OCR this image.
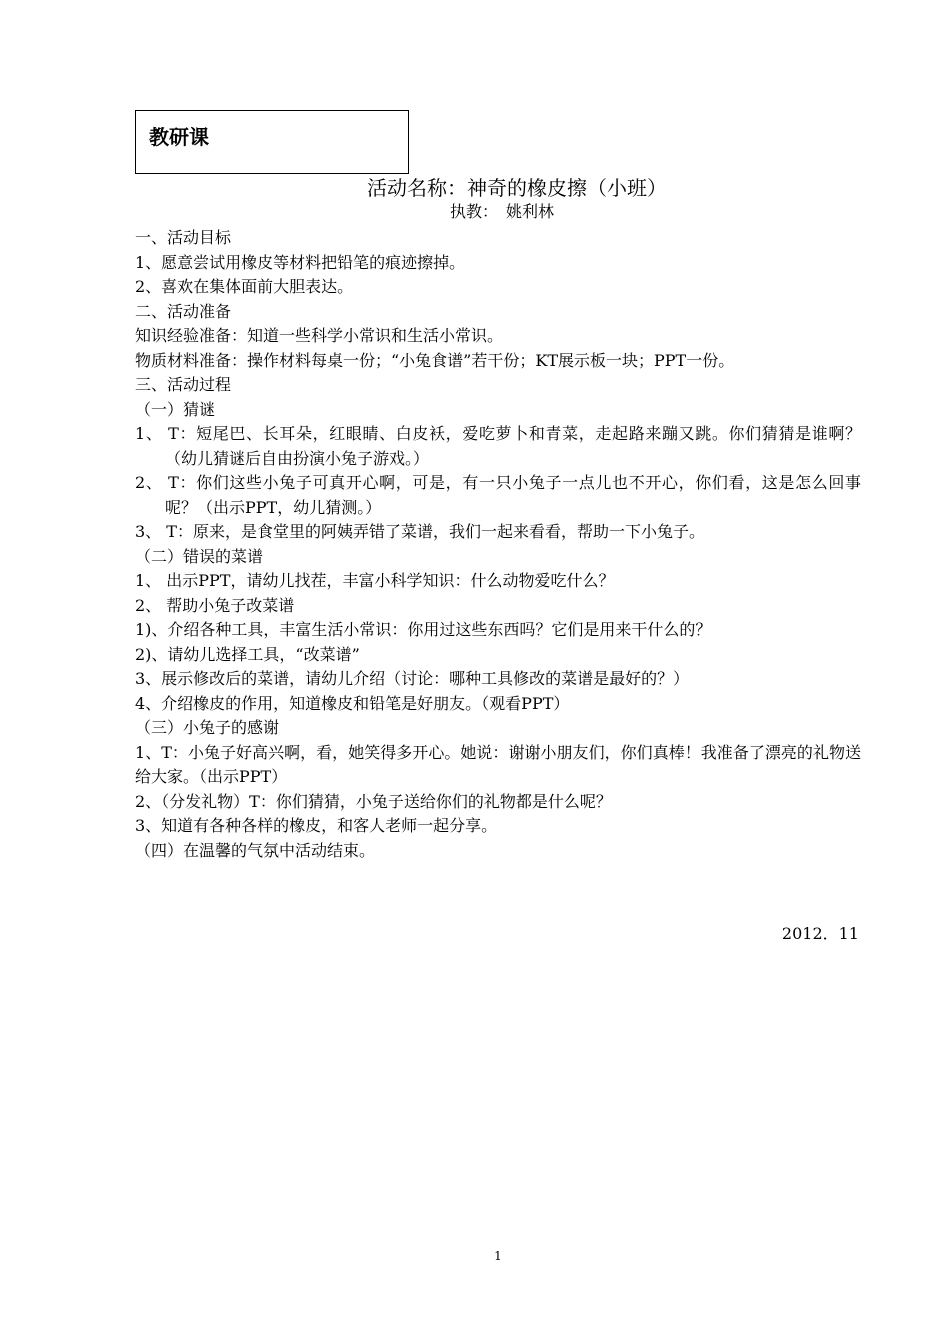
教研课
活动名称：神奇的橡皮擦（小班）
执教：　姚利林
一、活动目标
1、愿意尝试用橡皮等材料把铅笔的痕迹擦掉。
2、喜欢在集体面前大胆表达。
二、活动准备
知识经验准备：知道一些科学小常识和生活小常识。
物质材料准备：操作材料每桌一份；“小兔食谱”若干份；KT展示板一块；PPT一份。
三、活动过程
（一）猜谜
1、 T：短尾巴、长耳朵，红眼睛、白皮袄，爱吃萝卜和青菜，走起路来蹦又跳。你们猜猜是谁啊？（幼儿猜谜后自由扮演小兔子游戏。）
2、 T：你们这些小兔子可真开心啊，可是，有一只小兔子一点儿也不开心，你们看，这是怎么回事呢？（出示PPT，幼儿猜测。）
3、 T：原来，是食堂里的阿姨弄错了菜谱，我们一起来看看，帮助一下小兔子。
（二）错误的菜谱
1、 出示PPT，请幼儿找茬，丰富小科学知识：什么动物爱吃什么？
2、 帮助小兔子改菜谱
1)、介绍各种工具，丰富生活小常识：你用过这些东西吗？它们是用来干什么的？
2)、请幼儿选择工具，“改菜谱”
3、展示修改后的菜谱，请幼儿介绍（讨论：哪种工具修改的菜谱是最好的？）
4、介绍橡皮的作用，知道橡皮和铅笔是好朋友。（观看PPT）
（三）小兔子的感谢
1、T：小兔子好高兴啊，看，她笑得多开心。她说：谢谢小朋友们，你们真棒！我准备了漂亮的礼物送给大家。（出示PPT）
2、（分发礼物）T：你们猜猜，小兔子送给你们的礼物都是什么呢？
3、知道有各种各样的橡皮，和客人老师一起分享。
（四）在温馨的气氛中活动结束。
2012．11
1
